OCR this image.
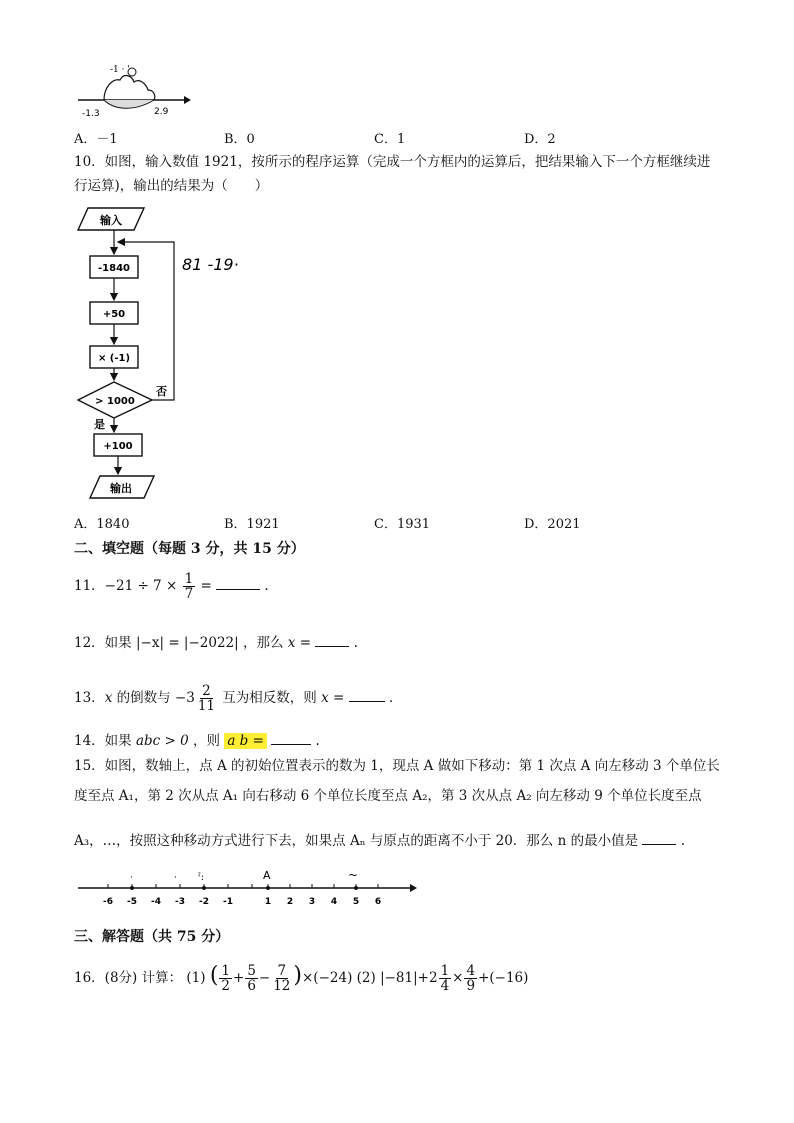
-1 · '
-1.3	2.9
A．－1	B．0	C．1	D．2
10．如图，输入数值 1921，按所示的程序运算（完成一个方框内的运算后，把结果输入下一个方框继续进
行运算)，输出的结果为（　　）
输入
-1840
+50
× (-1)
> 1000
否
是
+100
输出
81 -19·
A．1840	B．1921	C．1931	D．2021
二、填空题（每题 3 分，共 15 分）
11．$-21 \div 7 \times \frac{1}{7}$ =	.
12．如果 |−x| = |−2022| ，那么 x =	.
13．x 的倒数与 $-3 \frac{2}{11}$ 互为相反数，则 x =	.
14．如果 abc > 0 ，则 a b =	.
15．如图，数轴上，点 A 的初始位置表示的数为 1，现点 A 做如下移动：第 1 次点 A 向左移动 3 个单位长
度至点 A₁，第 2 次从点 A₁ 向右移动 6 个单位长度至点 A₂，第 3 次从点 A₂ 向左移动 9 个单位长度至点
A₃，…，按照这种移动方式进行下去，如果点 Aₙ 与原点的距离不小于 20．那么 n 的最小值是	.
·	· ˀ:	A	~
-6 -5 -4 -3 -2 -1	1 2 3 4 5 6
三、解答题（共 75 分）
16．(8分) 计算： (1) ( $\frac{1}{2} + \frac{5}{6} - \frac{7}{12} )\times(-24)$ (2) $|-81|+2 \frac{1}{4} \times \frac{4}{9} +(-16)$
